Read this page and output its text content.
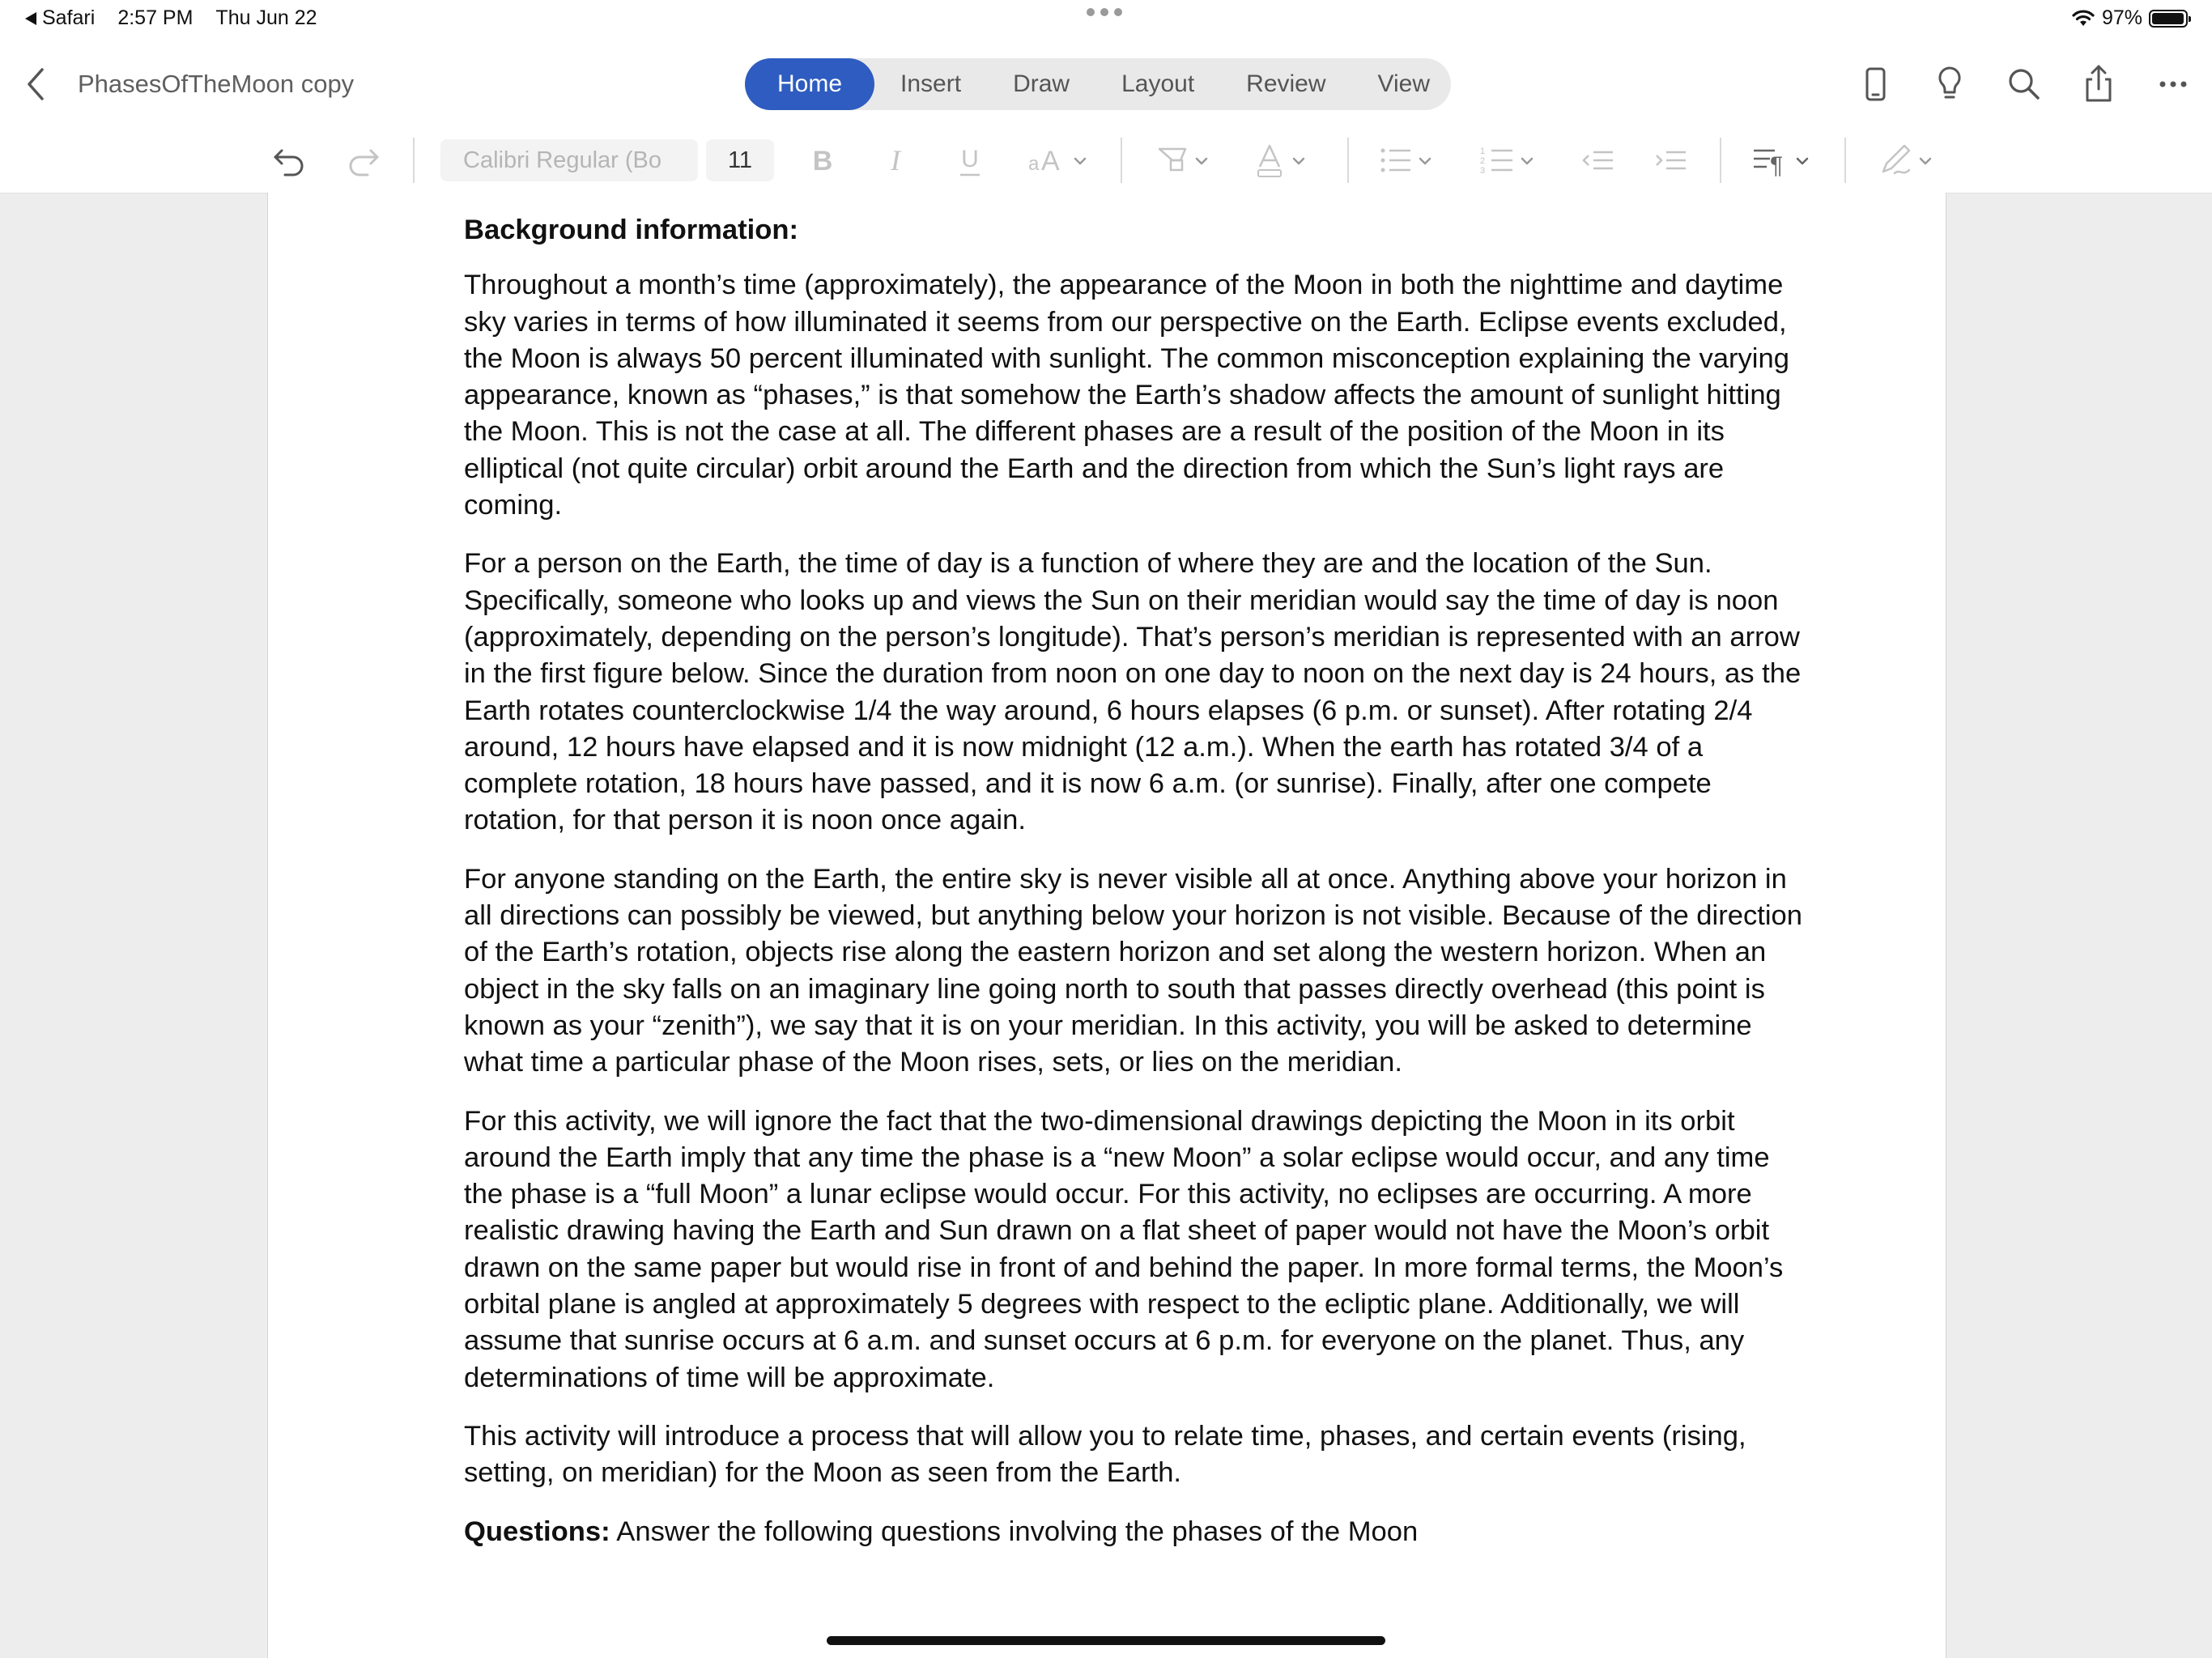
Safari 2:57 PM Thu Jun 22	97%
PhasesOfTheMoon copy	Home	Insert	Draw	Layout	Review	View
Calibri Regular (Bo	11	B I	U	a A	1
2
3	¶

Background information:

Throughout a month’s time (approximately), the appearance of the Moon in both the nighttime and daytime sky varies in terms of how illuminated it seems from our perspective on the Earth. Eclipse events excluded, the Moon is always 50 percent illuminated with sunlight. The common misconception explaining the varying appearance, known as “phases,” is that somehow the Earth’s shadow affects the amount of sunlight hitting the Moon. This is not the case at all. The different phases are a result of the position of the Moon in its elliptical (not quite circular) orbit around the Earth and the direction from which the Sun’s light rays are coming.

For a person on the Earth, the time of day is a function of where they are and the location of the Sun. Specifically, someone who looks up and views the Sun on their meridian would say the time of day is noon (approximately, depending on the person’s longitude). That’s person’s meridian is represented with an arrow in the first figure below. Since the duration from noon on one day to noon on the next day is 24 hours, as the Earth rotates counterclockwise 1/4 the way around, 6 hours elapses (6 p.m. or sunset). After rotating 2/4 around, 12 hours have elapsed and it is now midnight (12 a.m.). When the earth has rotated 3/4 of a complete rotation, 18 hours have passed, and it is now 6 a.m. (or sunrise). Finally, after one compete rotation, for that person it is noon once again.

For anyone standing on the Earth, the entire sky is never visible all at once. Anything above your horizon in all directions can possibly be viewed, but anything below your horizon is not visible. Because of the direction of the Earth’s rotation, objects rise along the eastern horizon and set along the western horizon. When an object in the sky falls on an imaginary line going north to south that passes directly overhead (this point is known as your “zenith”), we say that it is on your meridian. In this activity, you will be asked to determine what time a particular phase of the Moon rises, sets, or lies on the meridian.

For this activity, we will ignore the fact that the two-dimensional drawings depicting the Moon in its orbit around the Earth imply that any time the phase is a “new Moon” a solar eclipse would occur, and any time the phase is a “full Moon” a lunar eclipse would occur. For this activity, no eclipses are occurring. A more realistic drawing having the Earth and Sun drawn on a flat sheet of paper would not have the Moon’s orbit drawn on the same paper but would rise in front of and behind the paper. In more formal terms, the Moon’s orbital plane is angled at approximately 5 degrees with respect to the ecliptic plane. Additionally, we will assume that sunrise occurs at 6 a.m. and sunset occurs at 6 p.m. for everyone on the planet. Thus, any determinations of time will be approximate.

This activity will introduce a process that will allow you to relate time, phases, and certain events (rising, setting, on meridian) for the Moon as seen from the Earth.

Questions: Answer the following questions involving the phases of the Moon
